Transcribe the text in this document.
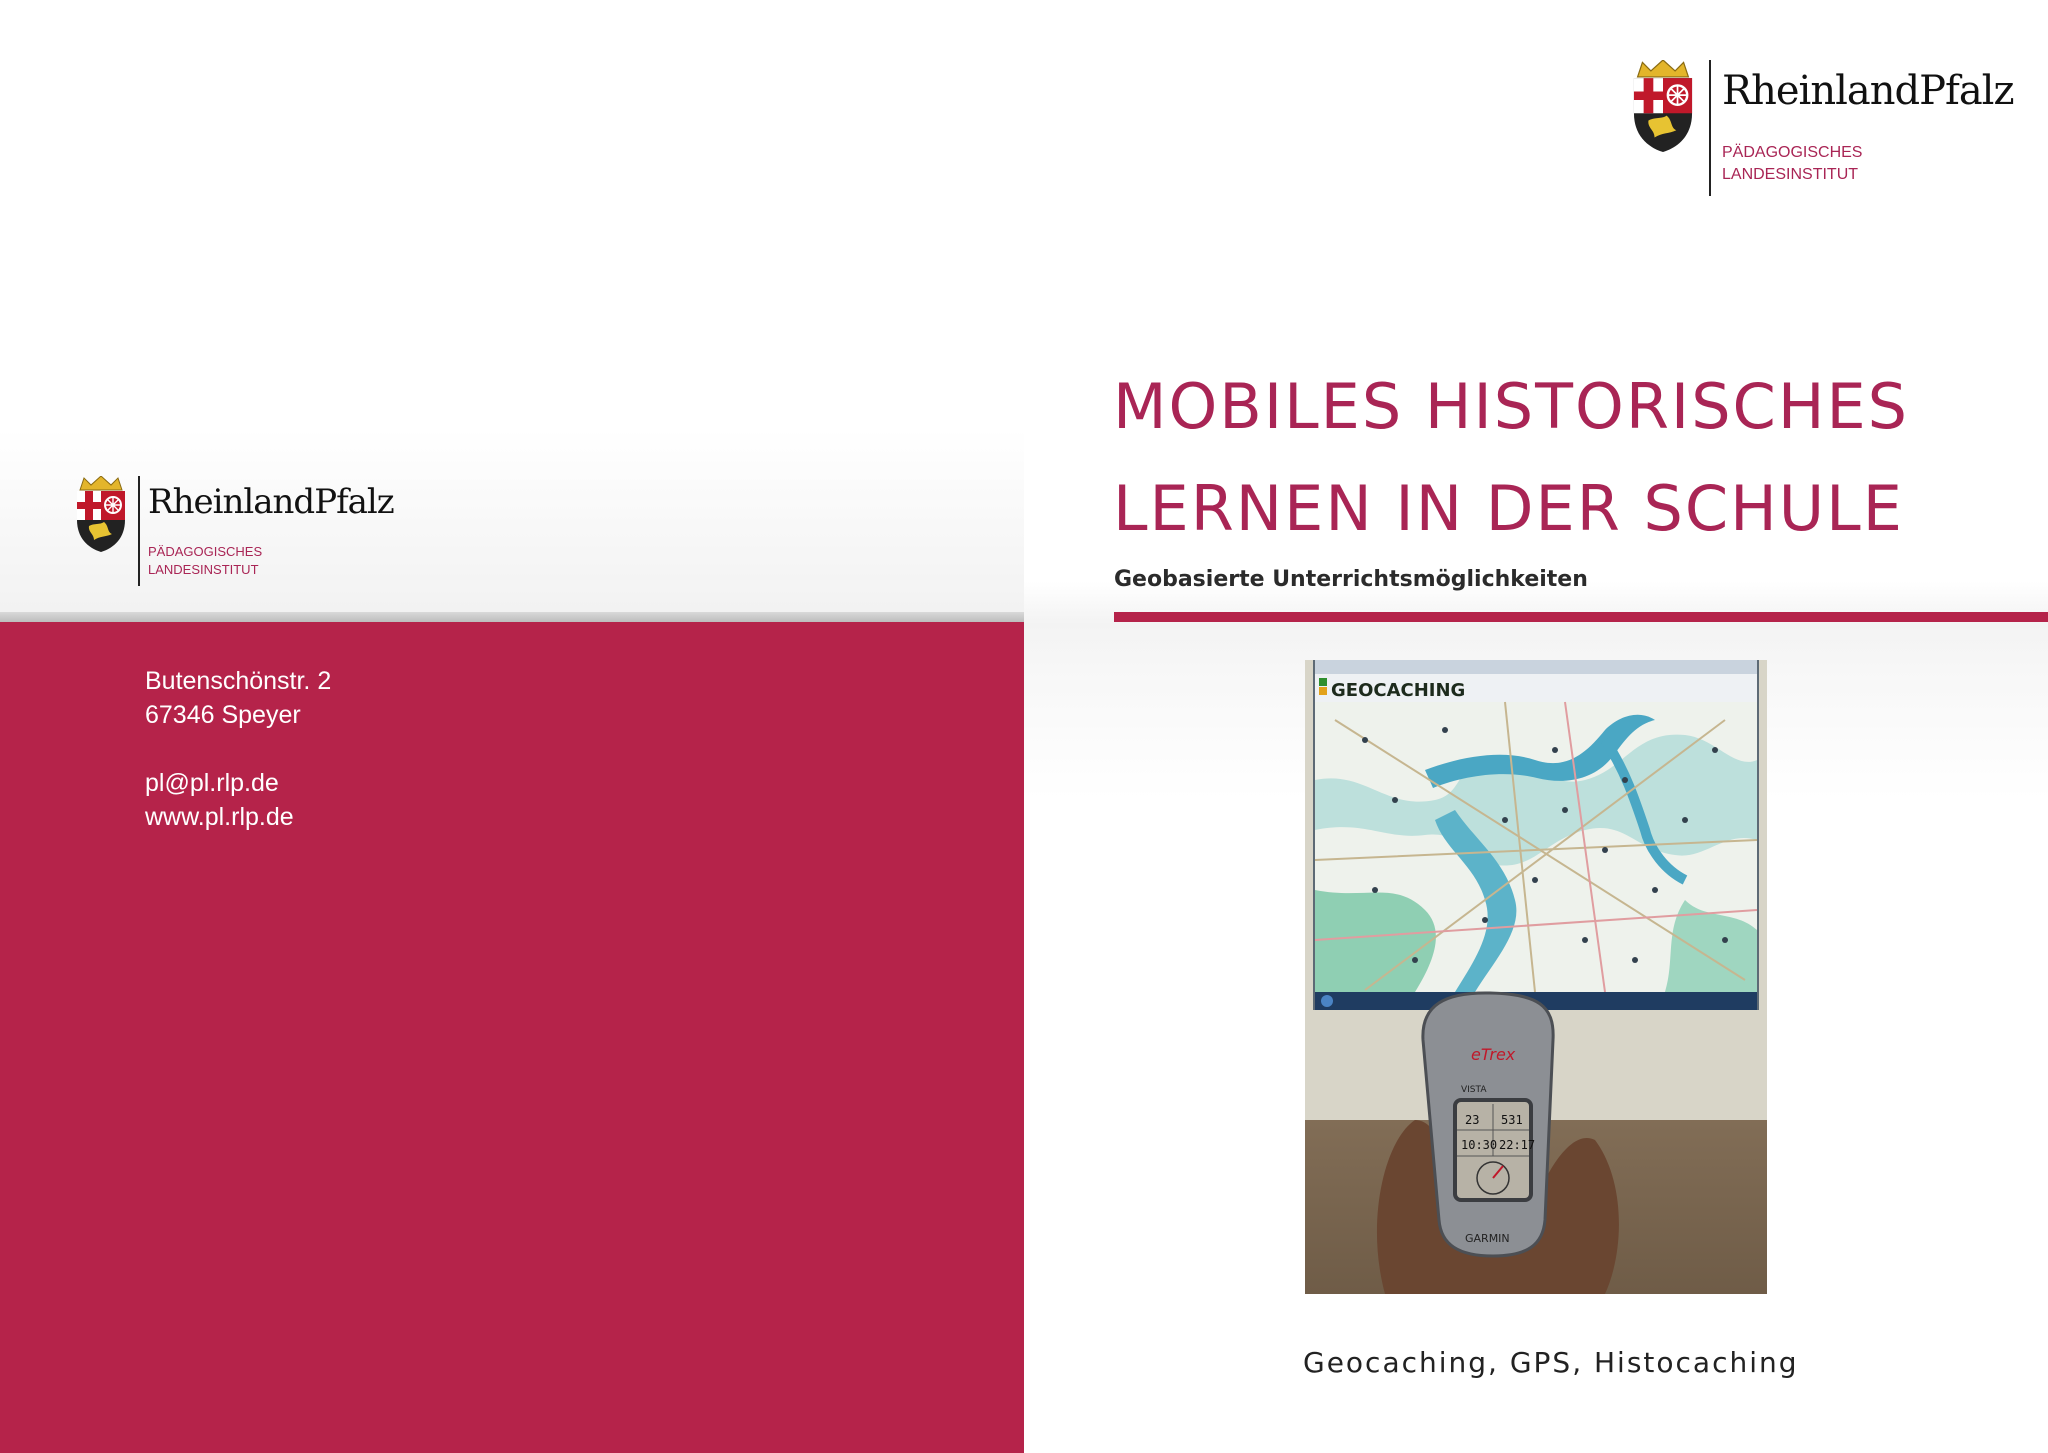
RheinlandPfalz
PÄDAGOGISCHES
LANDESINSTITUT
Butenschönstr. 2
67346 Speyer
pl@pl.rlp.de
www.pl.rlp.de
RheinlandPfalz
PÄDAGOGISCHES
LANDESINSTITUT
MOBILES HISTORISCHES
LERNEN IN DER SCHULE
Geobasierte Unterrichtsmöglichkeiten
GEOCACHING
eTrex
VISTA
23 531
10:30 22:17
GARMIN
Geocaching, GPS, Histocaching
